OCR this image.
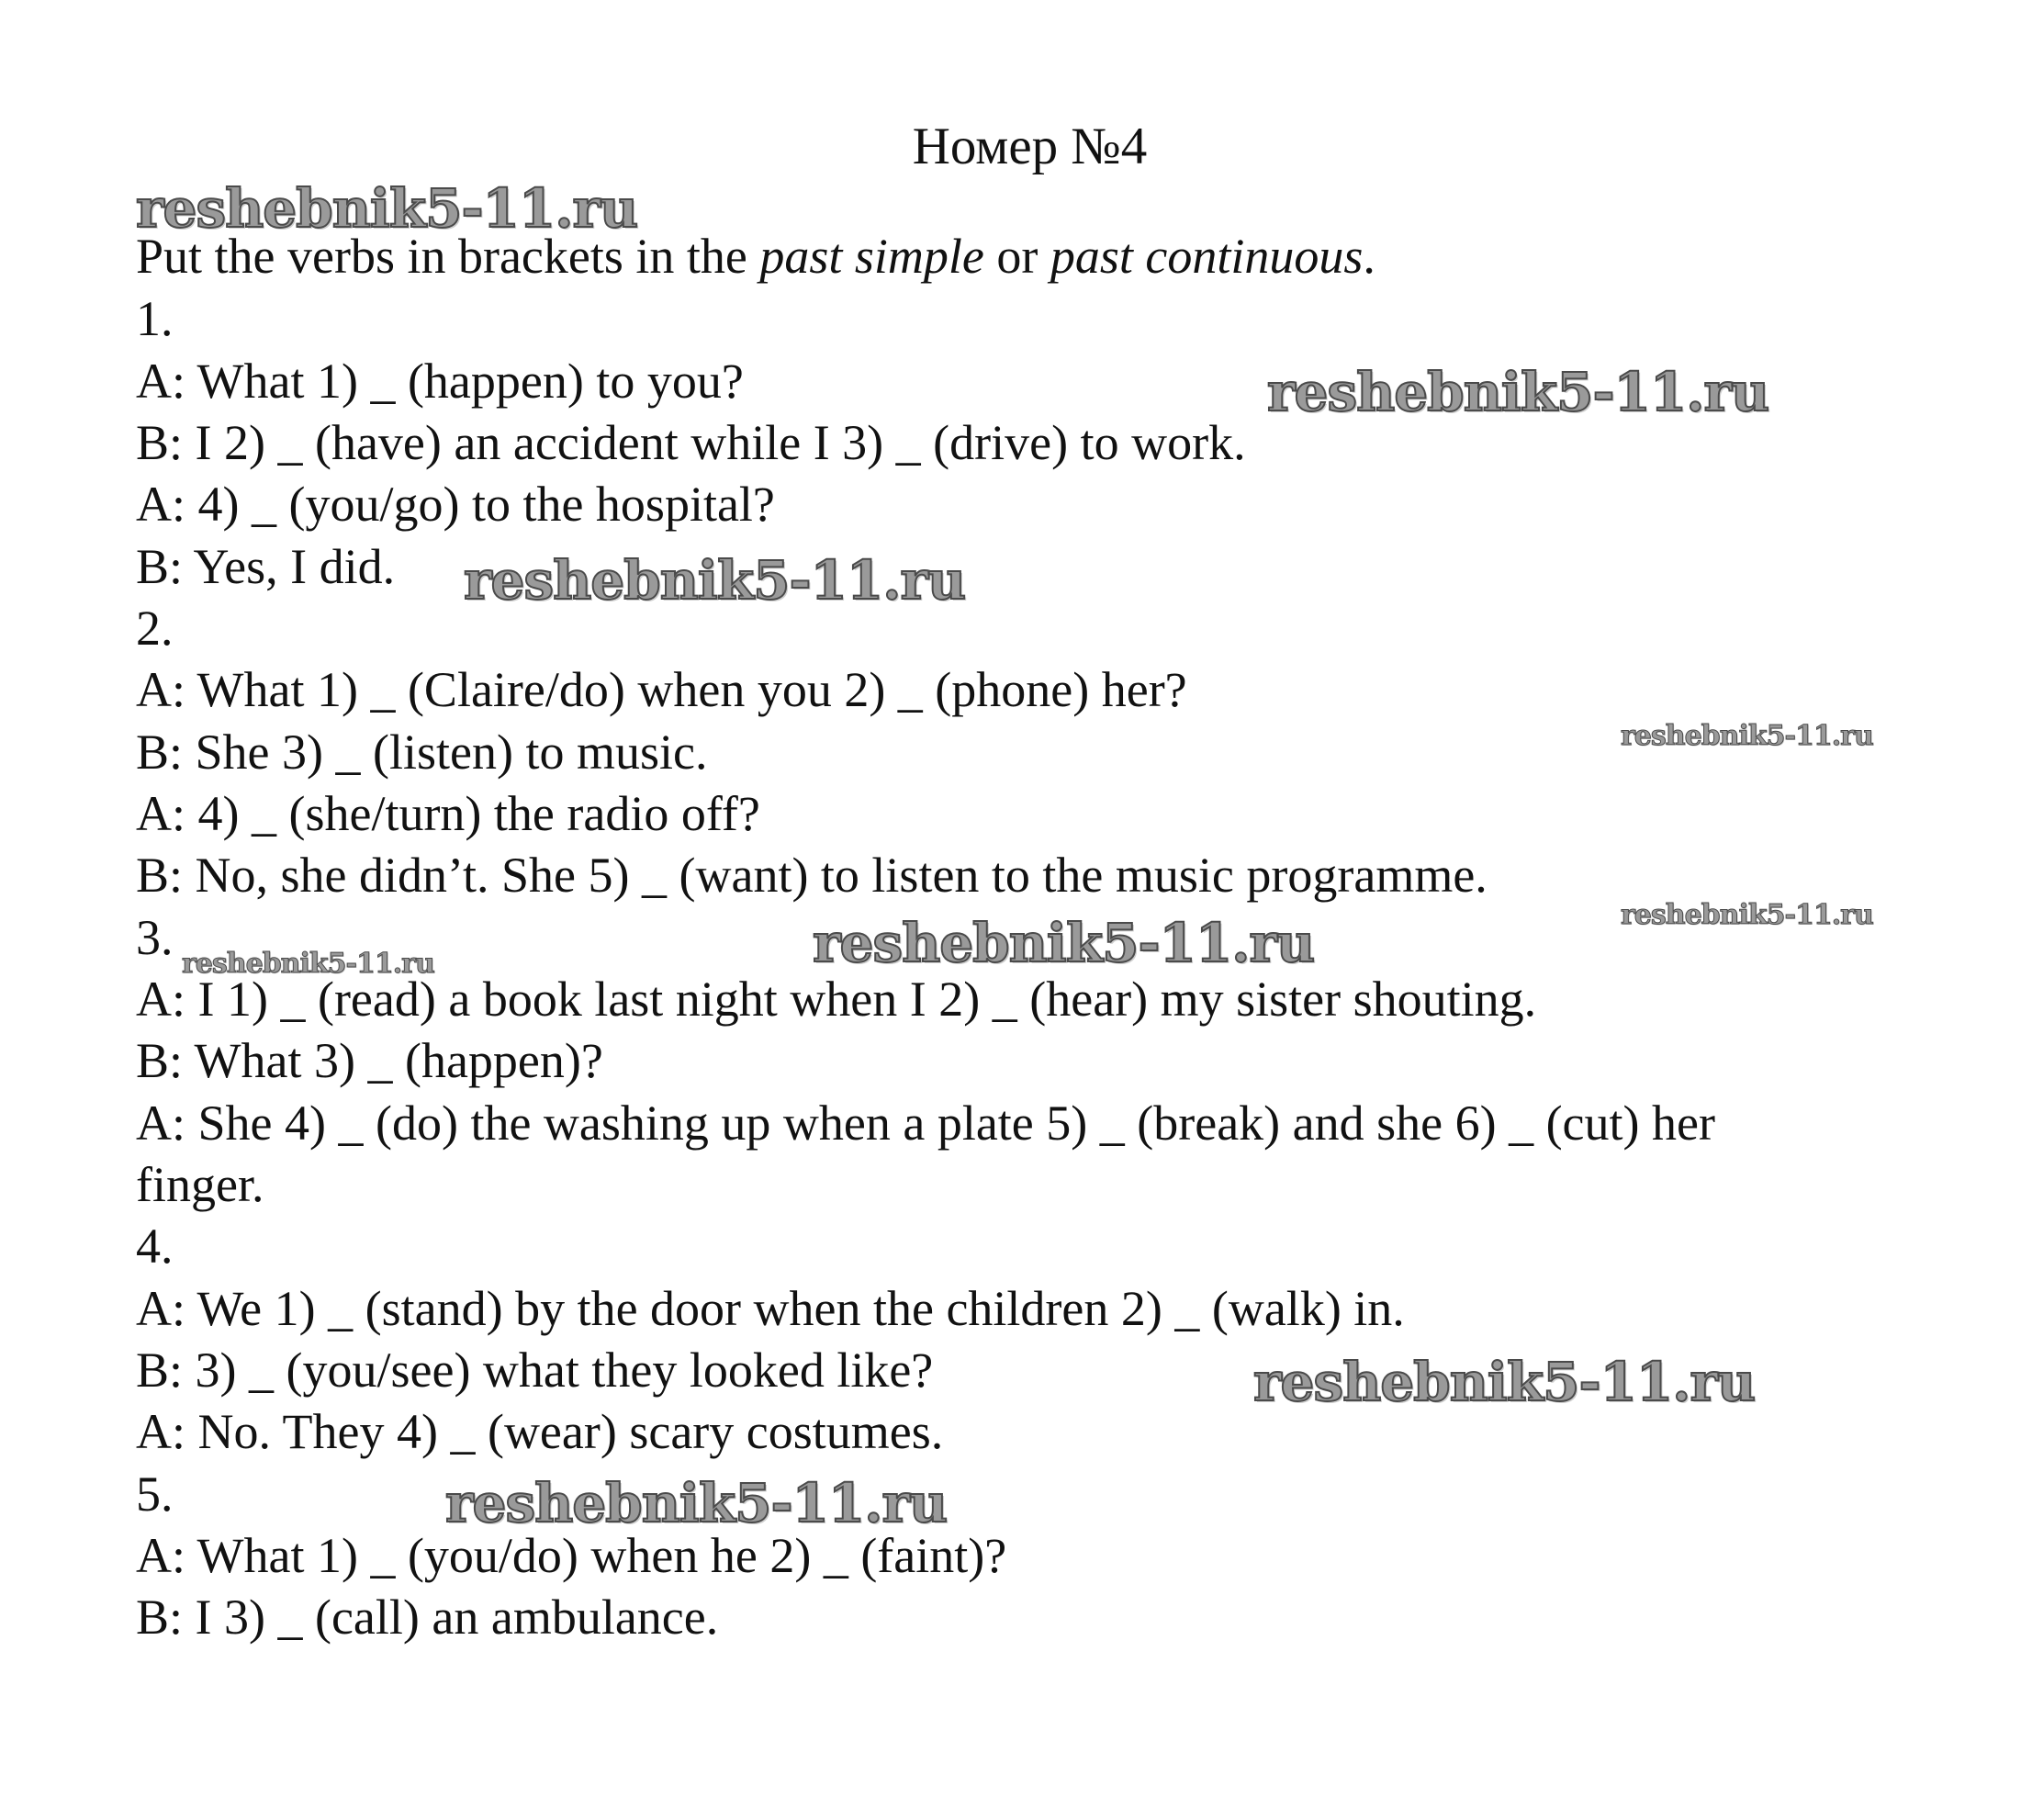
Номер №4
reshebnik5-11.ru
reshebnik5-11.ru
reshebnik5-11.ru
reshebnik5-11.ru
reshebnik5-11.ru
reshebnik5-11.ru
reshebnik5-11.ru
reshebnik5-11.ru
reshebnik5-11.ru
Put the verbs in brackets in the past simple or past continuous.
1.
A: What 1) _ (happen) to you?
B: I 2) _ (have) an accident while I 3) _ (drive) to work.
A: 4) _ (you/go) to the hospital?
B: Yes, I did.
2.
A: What 1) _ (Claire/do) when you 2) _ (phone) her?
B: She 3) _ (listen) to music.
A: 4) _ (she/turn) the radio off?
B: No, she didn’t. She 5) _ (want) to listen to the music programme.
3.
A: I 1) _ (read) a book last night when I 2) _ (hear) my sister shouting.
B: What 3) _ (happen)?
A: She 4) _ (do) the washing up when a plate 5) _ (break) and she 6) _ (cut) her
finger.
4.
A: We 1) _ (stand) by the door when the children 2) _ (walk) in.
B: 3) _ (you/see) what they looked like?
A: No. They 4) _ (wear) scary costumes.
5.
A: What 1) _ (you/do) when he 2) _ (faint)?
B: I 3) _ (call) an ambulance.
